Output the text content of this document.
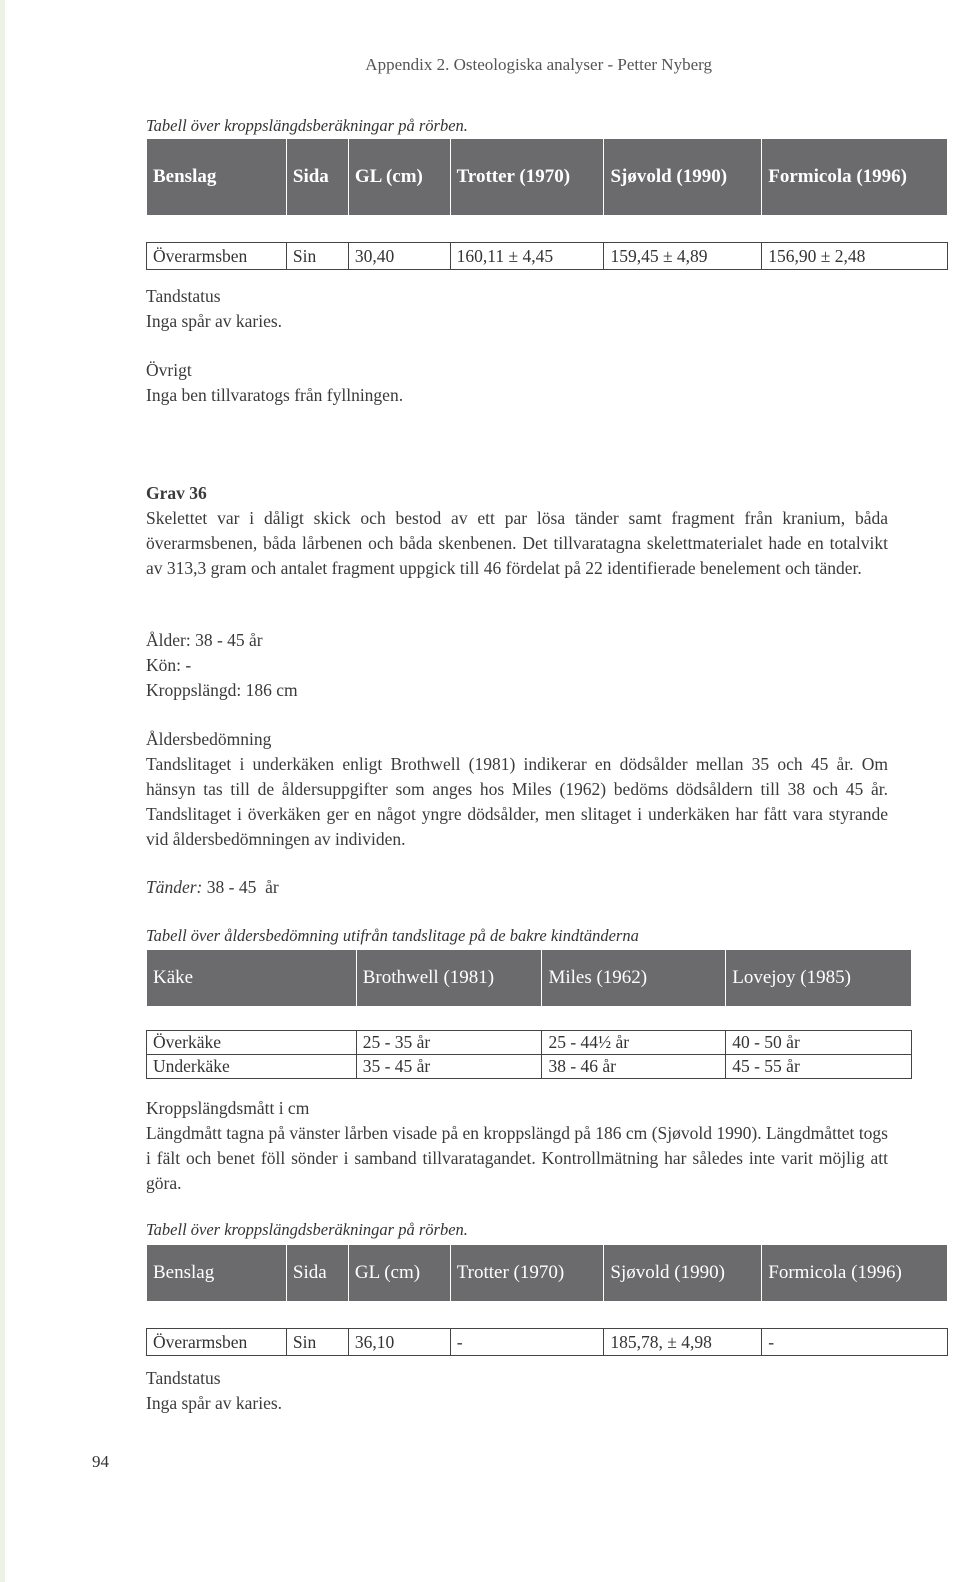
Appendix 2. Osteologiska analyser - Petter Nyberg
Tabell över kroppslängdsberäkningar på rörben.
Benslag	Sida	GL (cm)	Trotter (1970)	Sjøvold (1990)	Formicola (1996)

Överarmsben	Sin	30,40	160,11 ± 4,45	159,45 ± 4,89	156,90 ± 2,48

Tandstatus

Inga spår av karies.

Övrigt

Inga ben tillvaratogs från fyllningen.

Grav 36

Skelettet var i dåligt skick och bestod av ett par lösa tänder samt fragment från kranium, båda överarmsbenen, båda lårbenen och båda skenbenen. Det tillvaratagna skelettmaterialet hade en totalvikt av 313,3 gram och antalet fragment uppgick till 46 fördelat på 22 identifierade benelement och tänder.

Ålder: 38 - 45 år

Kön: -

Kroppslängd: 186 cm

Åldersbedömning

Tandslitaget i underkäken enligt Brothwell (1981) indikerar en dödsålder mellan 35 och 45 år. Om hänsyn tas till de åldersuppgifter som anges hos Miles (1962) bedöms dödsåldern till 38 och 45 år. Tandslitaget i överkäken ger en något yngre dödsålder, men slitaget i underkäken har fått vara styrande vid åldersbedömningen av individen.

Tänder: 38 - 45  år
Tabell över åldersbedömning utifrån tandslitage på de bakre kindtänderna
Käke	Brothwell (1981)	Miles (1962)	Lovejoy (1985)

Överkäke	25 - 35 år	25 - 44½ år	40 - 50 år
Underkäke	35 - 45 år	38 - 46 år	45 - 55 år

Kroppslängdsmått i cm

Längdmått tagna på vänster lårben visade på en kroppslängd på 186 cm (Sjøvold 1990). Längdmåttet togs i fält och benet föll sönder i samband tillvaratagandet. Kontrollmätning har således inte varit möjlig att göra.

Tabell över kroppslängdsberäkningar på rörben.
Benslag	Sida	GL (cm)	Trotter (1970)	Sjøvold (1990)	Formicola (1996)

Överarmsben	Sin	36,10	-	185,78, ± 4,98	-

Tandstatus

Inga spår av karies.

94
